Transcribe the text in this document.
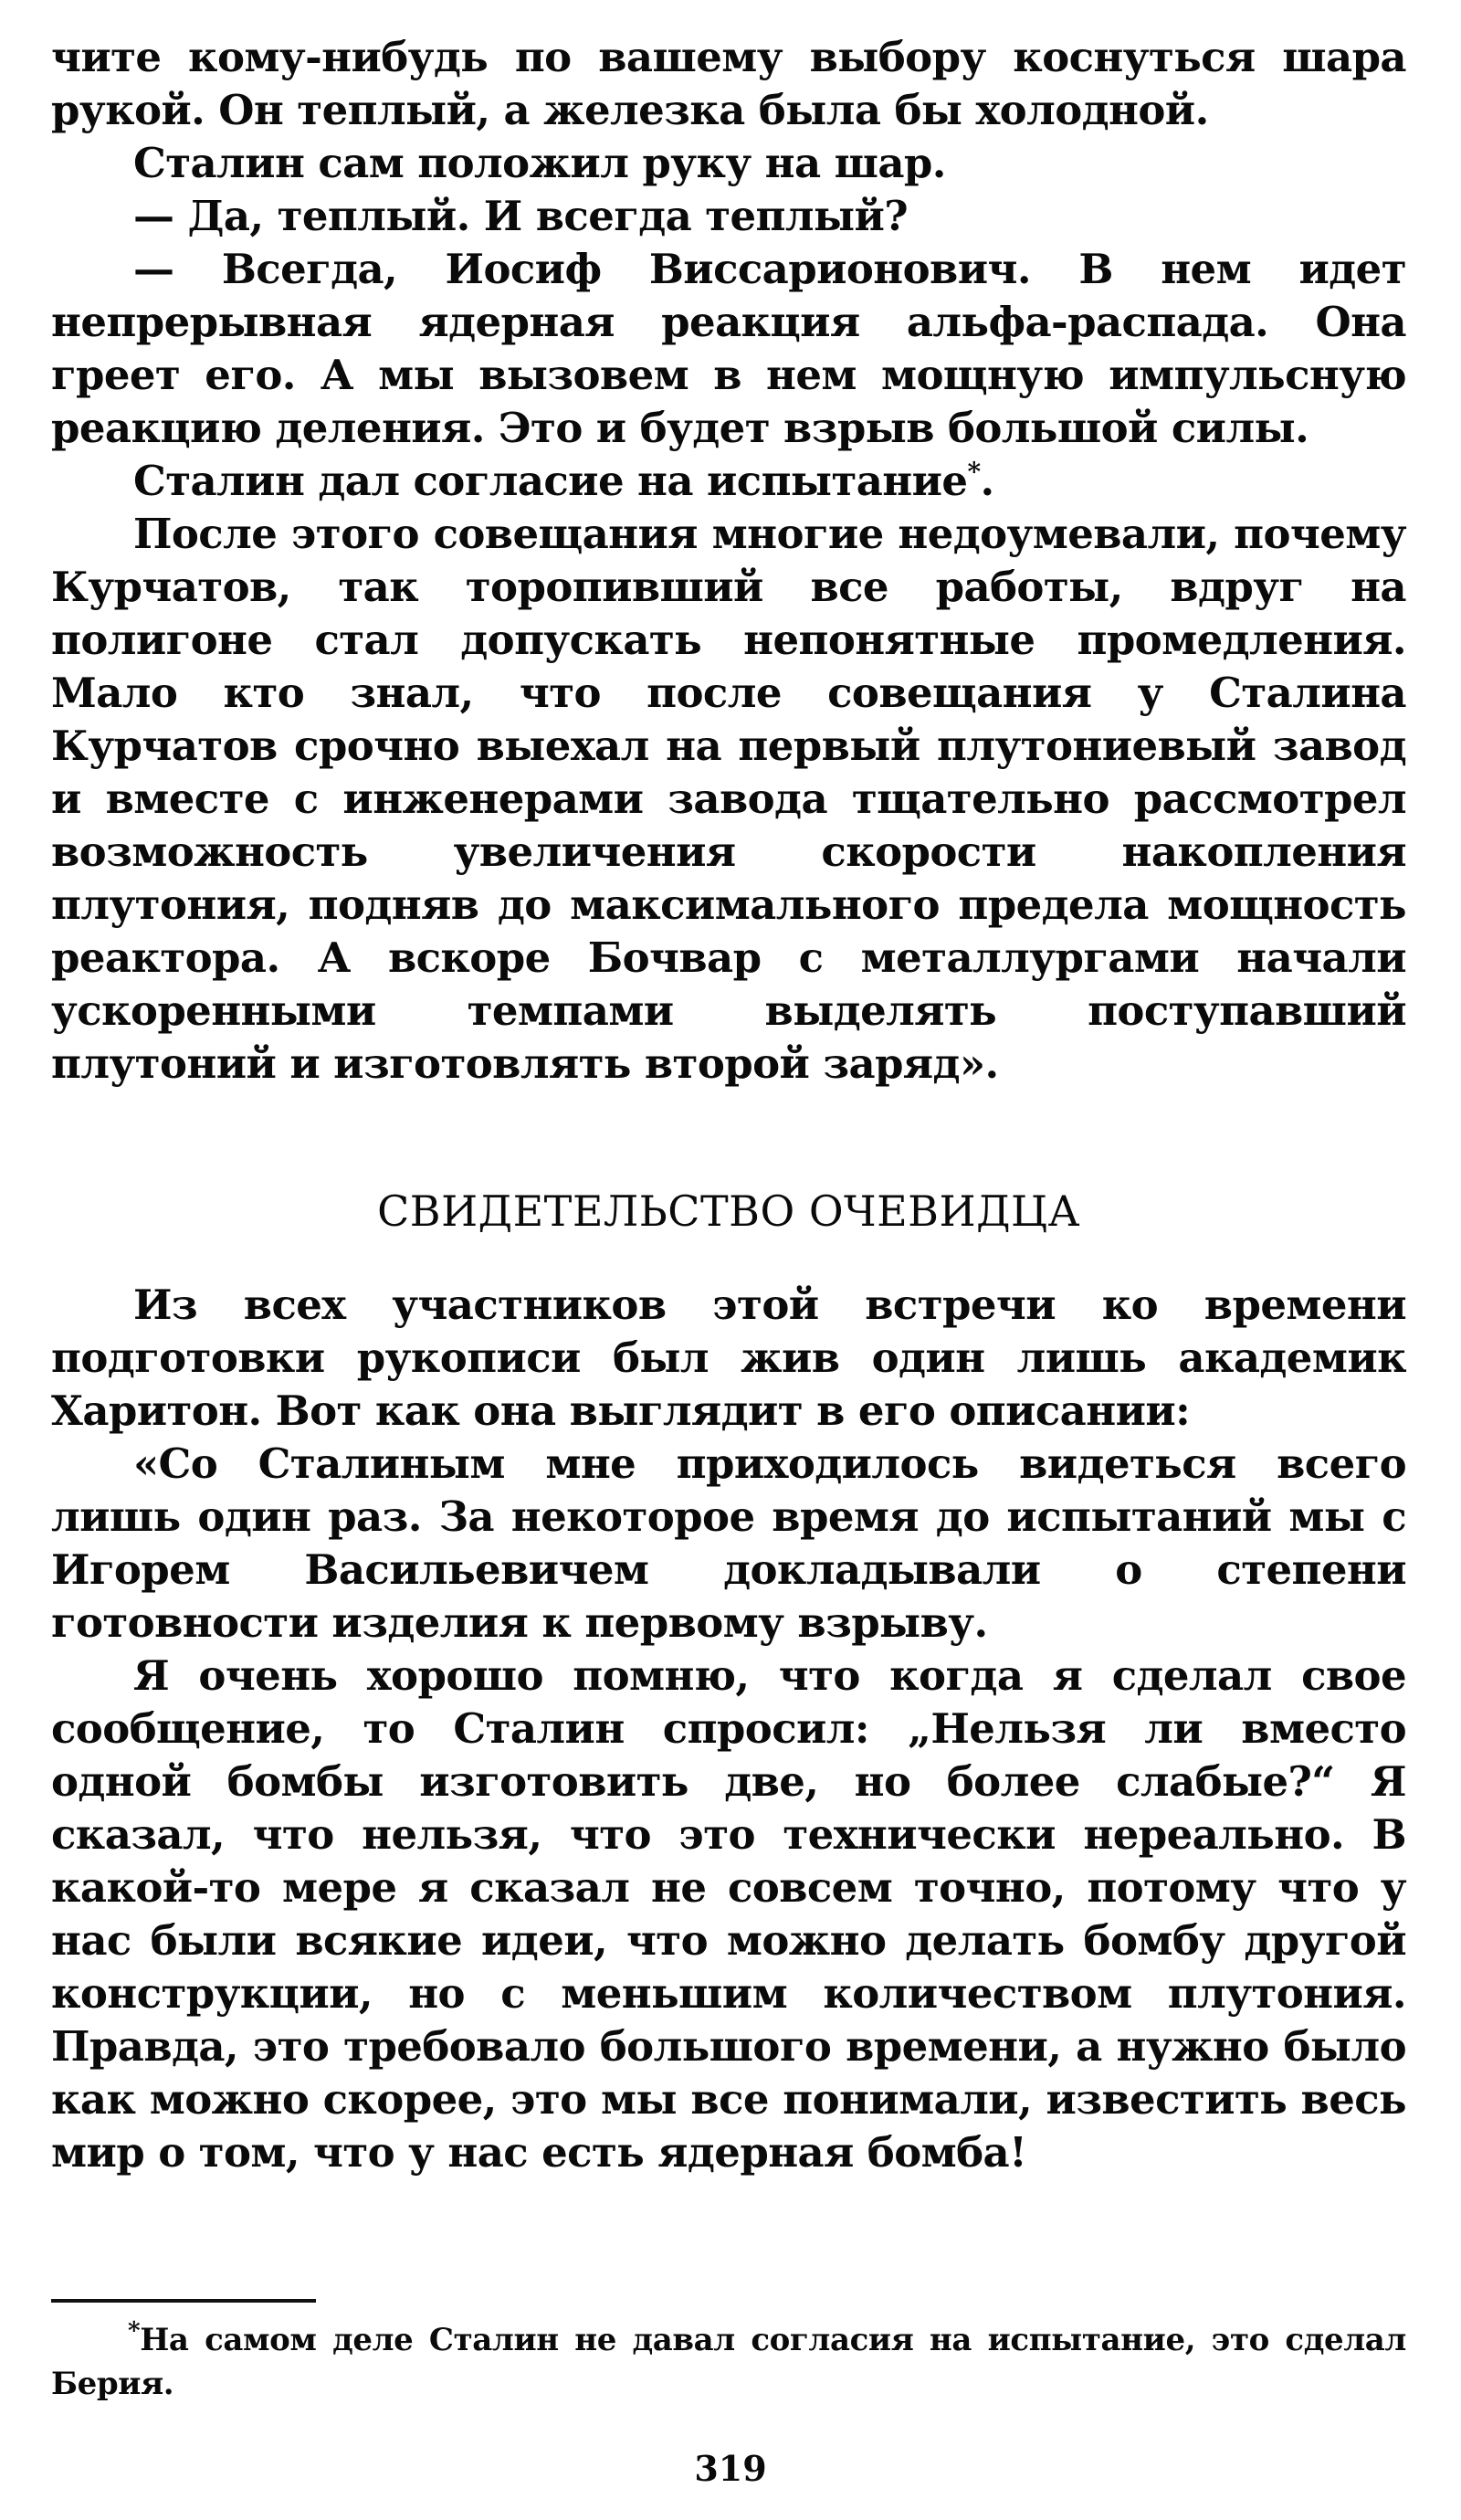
чите кому-нибудь по вашему выбору коснуться шара рукой. Он теплый, а железка была бы холодной.

Сталин сам положил руку на шар.

— Да, теплый. И всегда теплый?

— Всегда, Иосиф Виссарионович. В нем идет непрерывная ядерная реакция альфа-распада. Она греет его. А мы вызовем в нем мощную импульсную реакцию деления. Это и будет взрыв большой силы.

Сталин дал согласие на испытание*.

После этого совещания многие недоумевали, почему Курчатов, так торопивший все работы, вдруг на полигоне стал допускать непонятные промедления. Мало кто знал, что после совещания у Сталина Курчатов срочно выехал на первый плутониевый завод и вместе с инженерами завода тщательно рассмотрел возможность увеличения скорости накопления плутония, подняв до максимального предела мощность реактора. А вскоре Бочвар с металлургами начали ускоренными темпами выделять поступавший плутоний и изготовлять второй заряд».

СВИДЕТЕЛЬСТВО ОЧЕВИДЦА

Из всех участников этой встречи ко времени подготовки рукописи был жив один лишь академик Харитон. Вот как она выглядит в его описании:

«Со Сталиным мне приходилось видеться всего лишь один раз. За некоторое время до испытаний мы с Игорем Васильевичем докладывали о степени готовности изделия к первому взрыву.

Я очень хорошо помню, что когда я сделал свое сообщение, то Сталин спросил: „Нельзя ли вместо одной бомбы изготовить две, но более слабые?“ Я сказал, что нельзя, что это технически нереально. В какой-то мере я сказал не совсем точно, потому что у нас были всякие идеи, что можно делать бомбу другой конструкции, но с меньшим количеством плутония. Правда, это требовало большого времени, а нужно было как можно скорее, это мы все понимали, известить весь мир о том, что у нас есть ядерная бомба!

*На самом деле Сталин не давал согласия на испытание, это сделал Берия.
319
